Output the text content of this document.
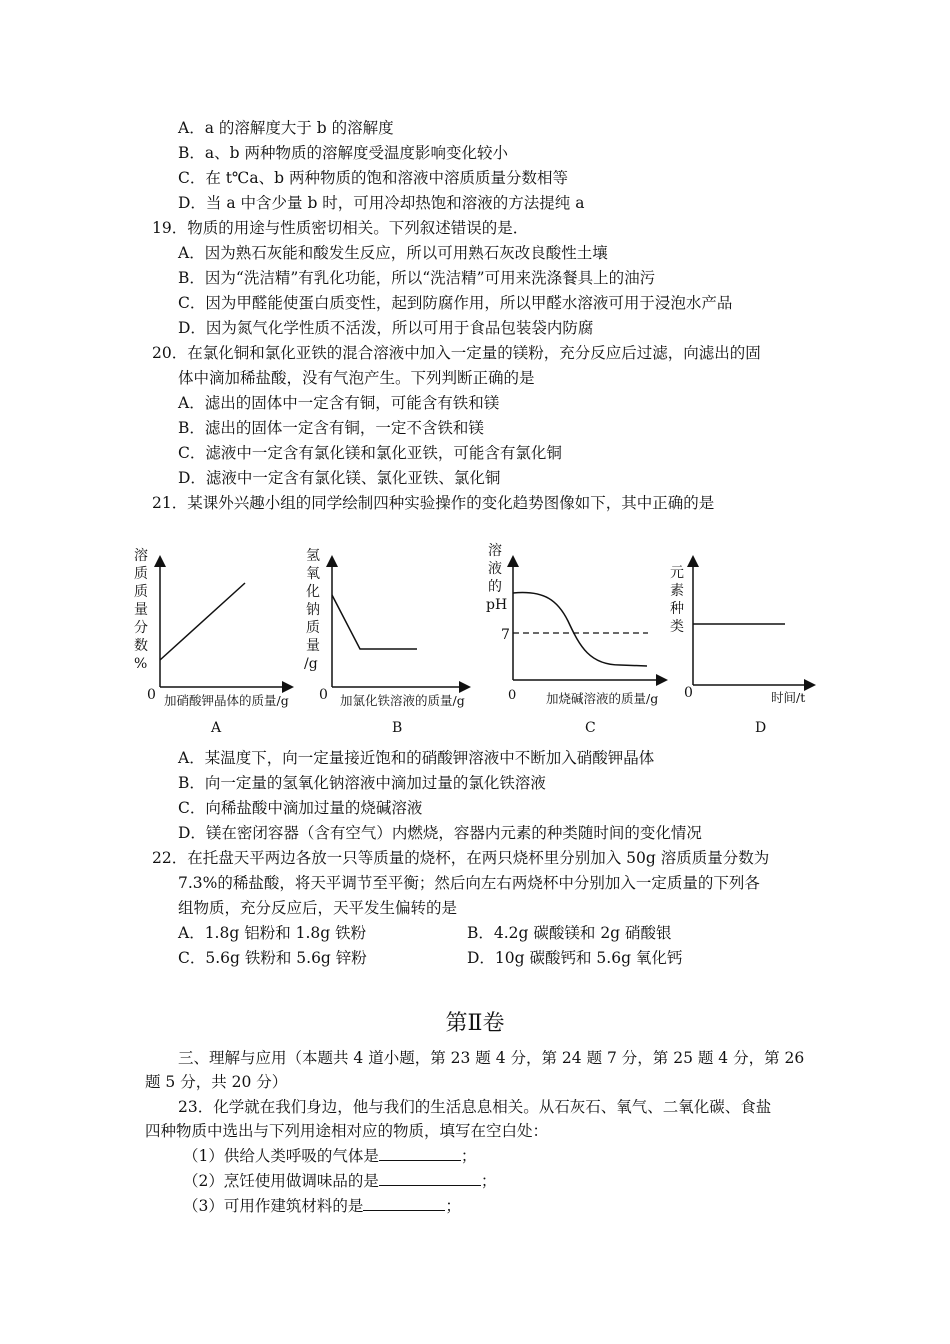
A．a 的溶解度大于 b 的溶解度
B．a、b 两种物质的溶解度受温度影响变化较小
C．在 t℃a、b 两种物质的饱和溶液中溶质质量分数相等
D．当 a 中含少量 b 时，可用冷却热饱和溶液的方法提纯 a
19．物质的用途与性质密切相关。下列叙述错误的是．
A．因为熟石灰能和酸发生反应，所以可用熟石灰改良酸性土壤
B．因为“洗洁精”有乳化功能，所以“洗洁精”可用来洗涤餐具上的油污
C．因为甲醛能使蛋白质变性，起到防腐作用，所以甲醛水溶液可用于浸泡水产品
D．因为氮气化学性质不活泼，所以可用于食品包装袋内防腐
20．在氯化铜和氯化亚铁的混合溶液中加入一定量的镁粉，充分反应后过滤，向滤出的固
体中滴加稀盐酸，没有气泡产生。下列判断正确的是
A．滤出的固体中一定含有铜，可能含有铁和镁
B．滤出的固体一定含有铜，一定不含铁和镁
C．滤液中一定含有氯化镁和氯化亚铁，可能含有氯化铜
D．滤液中一定含有氯化镁、氯化亚铁、氯化铜
21．某课外兴趣小组的同学绘制四种实验操作的变化趋势图像如下，其中正确的是
溶
质
质
量
分
数
%
0 加硝酸钾晶体的质量/g
A
氢
氧
化
钠
质
量
/g
0 加氯化铁溶液的质量/g
B
溶
液
的
pH
7
0 加烧碱溶液的质量/g
C
元
素
种
类
0	时间/t
D
A．某温度下，向一定量接近饱和的硝酸钾溶液中不断加入硝酸钾晶体
B．向一定量的氢氧化钠溶液中滴加过量的氯化铁溶液
C．向稀盐酸中滴加过量的烧碱溶液
D．镁在密闭容器（含有空气）内燃烧，容器内元素的种类随时间的变化情况
22．在托盘天平两边各放一只等质量的烧杯，在两只烧杯里分别加入 50g 溶质质量分数为
7.3%的稀盐酸，将天平调节至平衡；然后向左右两烧杯中分别加入一定质量的下列各
组物质，充分反应后，天平发生偏转的是
A．1.8g 铝粉和 1.8g 铁粉	B．4.2g 碳酸镁和 2g 硝酸银
C．5.6g 铁粉和 5.6g 锌粉	D．10g 碳酸钙和 5.6g 氧化钙
第Ⅱ卷
三、理解与应用（本题共 4 道小题，第 23 题 4 分，第 24 题 7 分，第 25 题 4 分，第 26
题 5 分，共 20 分）
23．化学就在我们身边，他与我们的生活息息相关。从石灰石、氧气、二氧化碳、食盐
四种物质中选出与下列用途相对应的物质，填写在空白处：
（1）供给人类呼吸的气体是	；
（2）烹饪使用做调味品的是	；
（3）可用作建筑材料的是	；
